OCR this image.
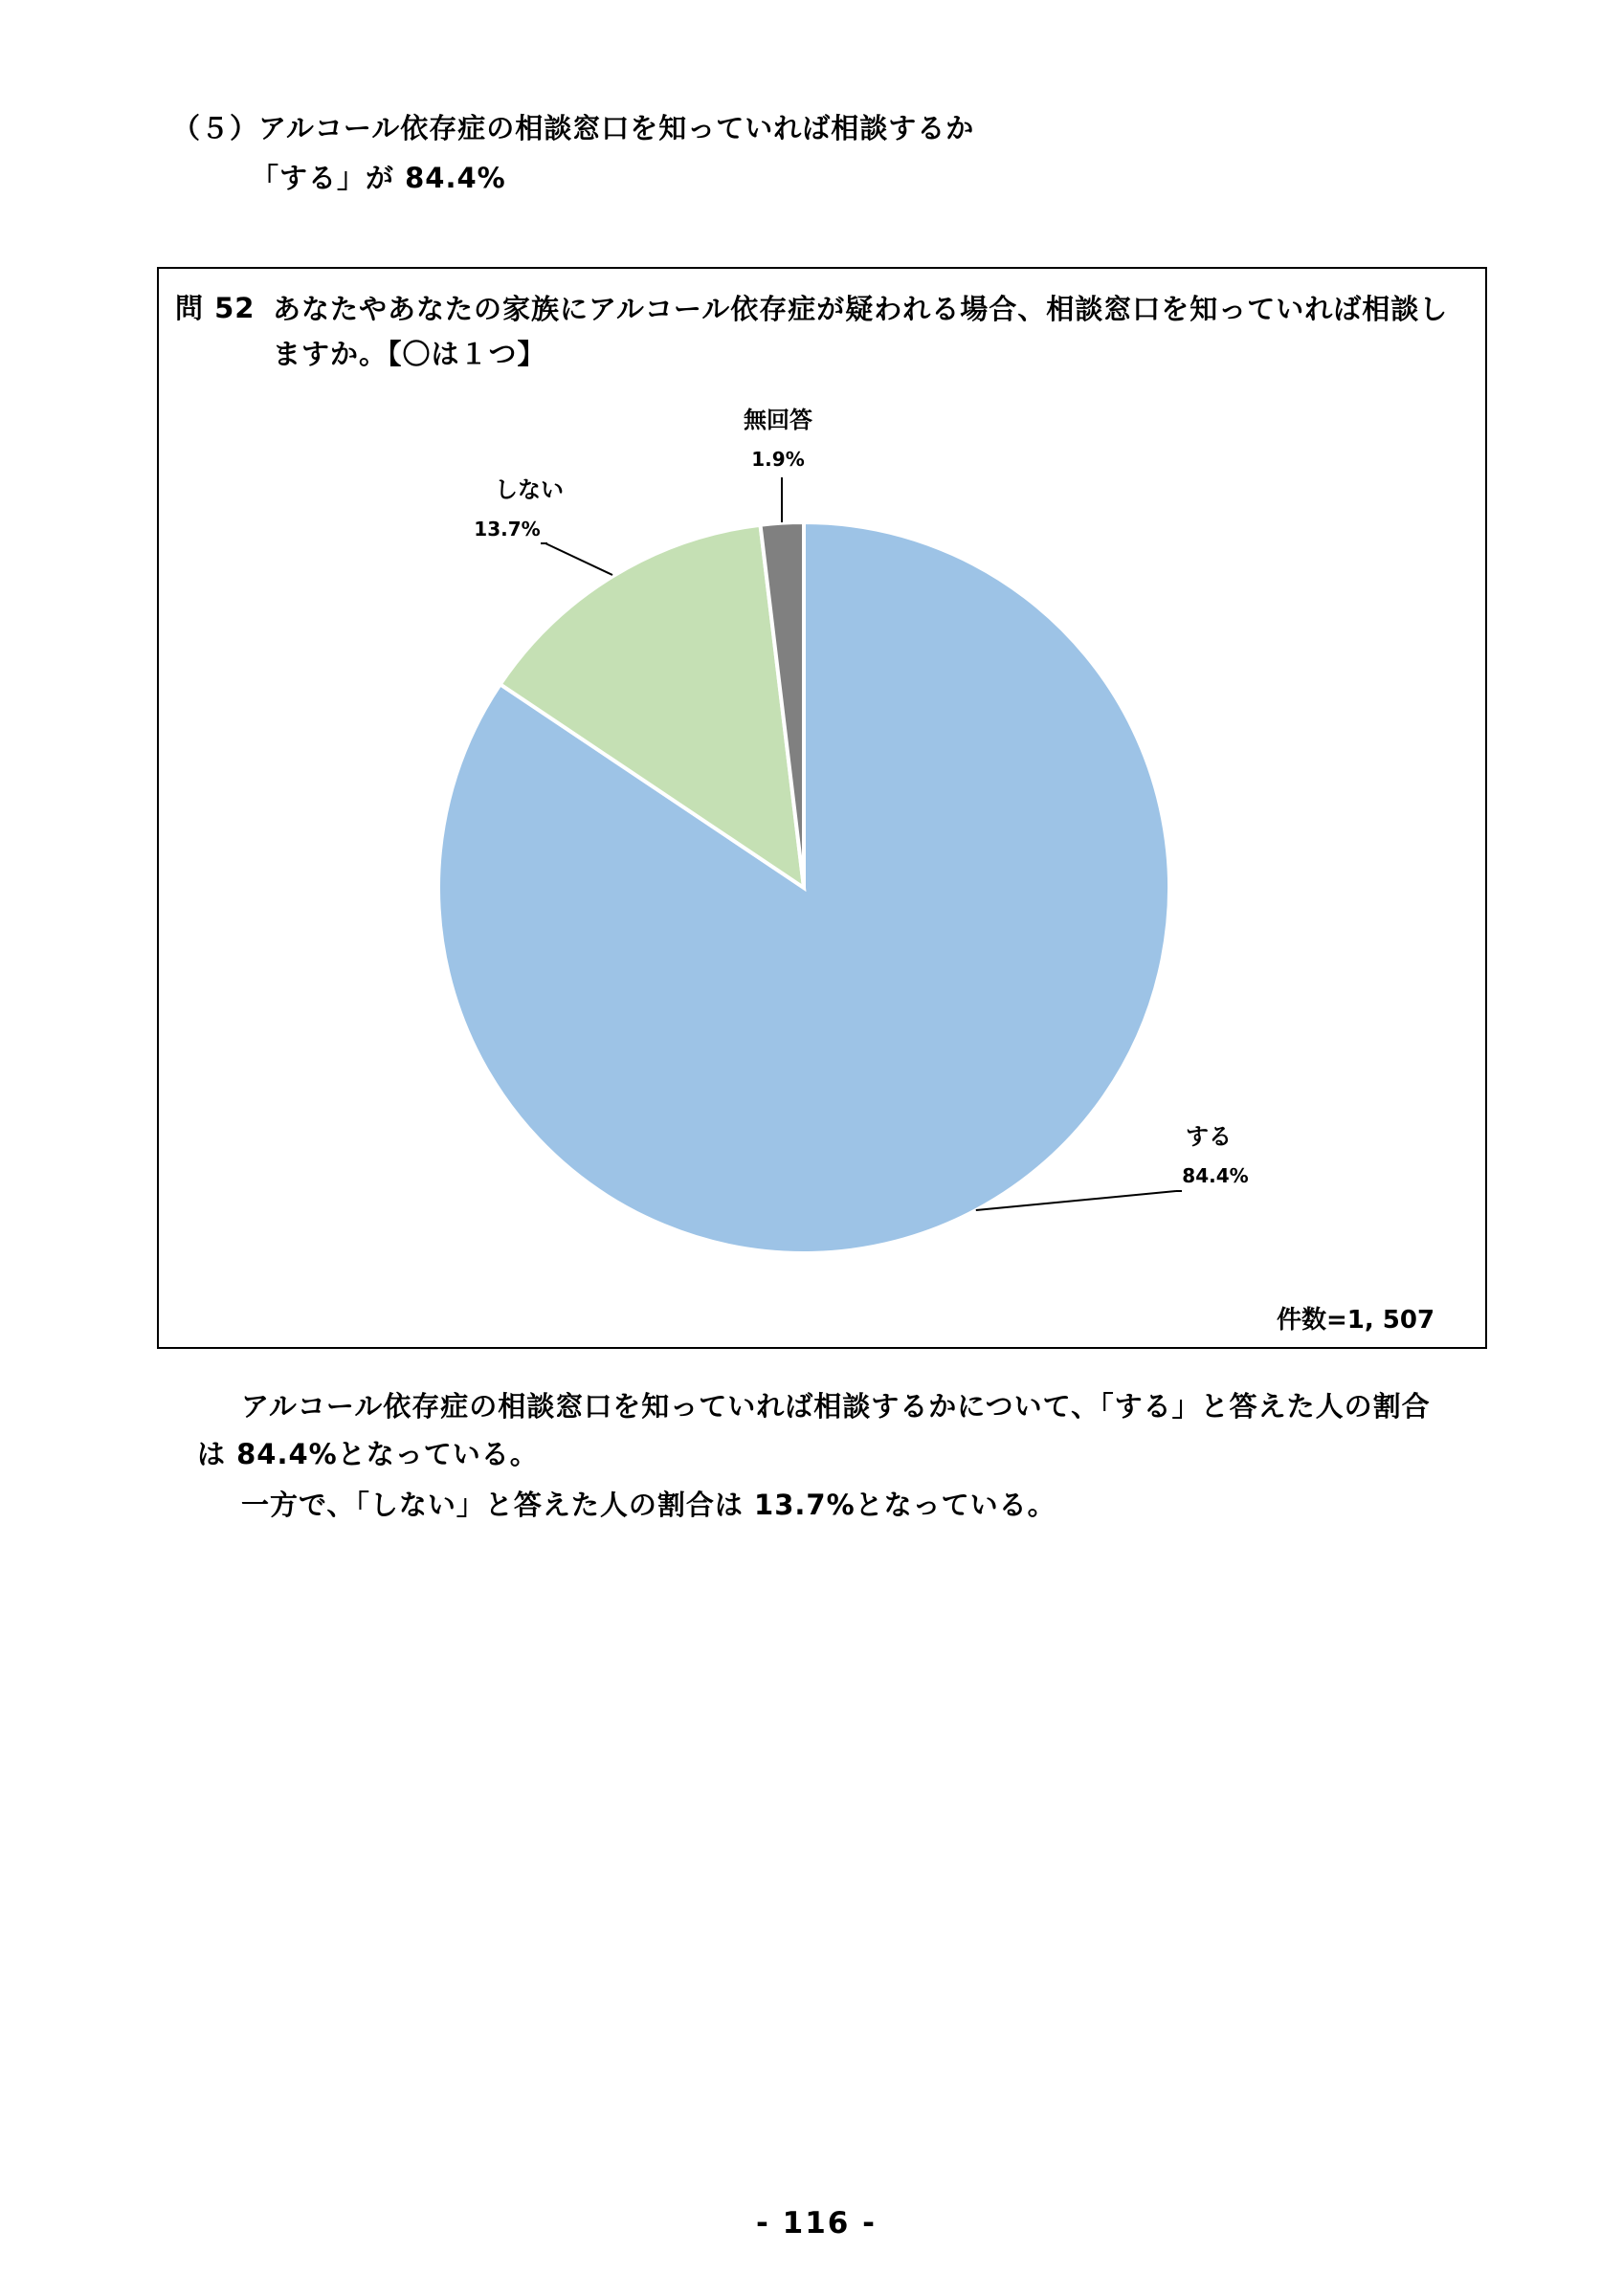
（５）アルコール依存症の相談窓口を知っていれば相談するか
「する」が 84.4%
問 52 あなたやあなたの家族にアルコール依存症が疑われる場合、相談窓口を知っていれば相談しますか。【〇は１つ】
する
84.4%
しない
13.7%
無回答
1.9%
件数=1, 507
アルコール依存症の相談窓口を知っていれば相談するかについて、「する」と答えた人の割合
は 84.4%となっている。
一方で、「しない」と答えた人の割合は 13.7%となっている。
- 116 -
